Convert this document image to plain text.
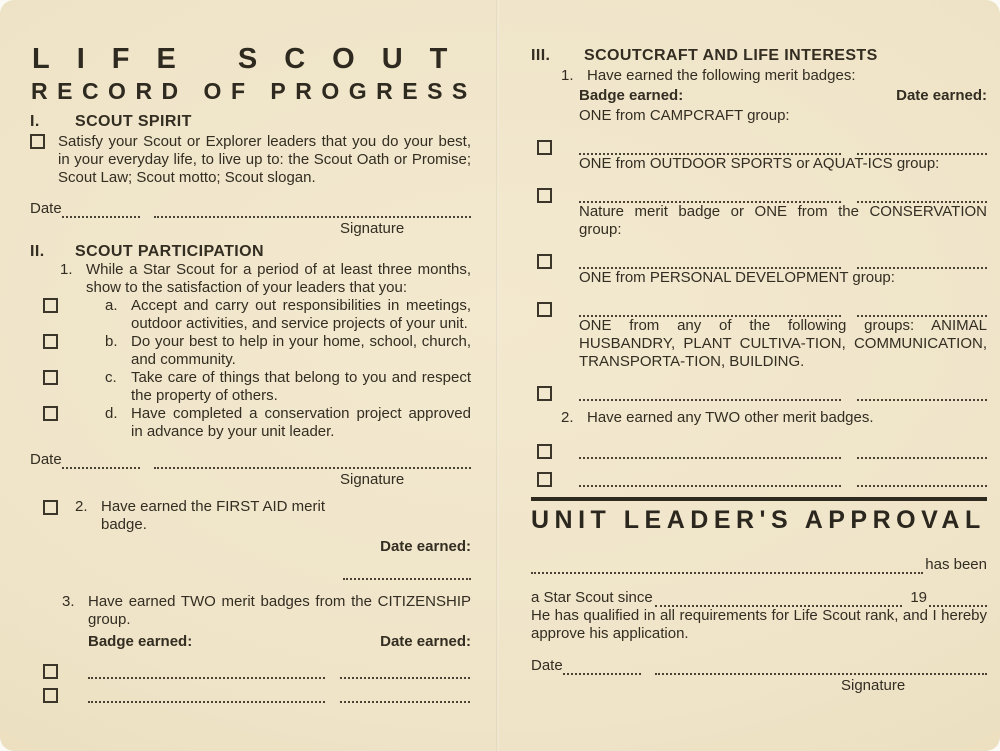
LIFE SCOUT
RECORD OF PROGRESS
I.	SCOUT SPIRIT
Satisfy your Scout or Explorer leaders that you do your best, in your everyday life, to live up to: the Scout Oath or Promise; Scout Law; Scout motto; Scout slogan.
Date
Signature
II.	SCOUT PARTICIPATION
1. While a Star Scout for a period of at least three months, show to the satisfaction of your leaders that you:
a. Accept and carry out responsibilities in meetings, outdoor activities, and service projects of your unit.
b. Do your best to help in your home, school, church, and community.
c. Take care of things that belong to you and respect the property of others.
d. Have completed a conservation project approved in advance by your unit leader.
Date
Signature
2. Have earned the FIRST AID merit badge.
Date earned:
3. Have earned TWO merit badges from the CITIZENSHIP group.
Badge earned:	Date earned:
III.	SCOUTCRAFT AND LIFE INTERESTS
1. Have earned the following merit badges:
Badge earned:	Date earned:
ONE from CAMPCRAFT group:
ONE from OUTDOOR SPORTS or AQUAT-ICS group:
Nature merit badge or ONE from the CONSERVATION group:
ONE from PERSONAL DEVELOPMENT group:
ONE from any of the following groups: ANIMAL HUSBANDRY, PLANT CULTIVA-TION, COMMUNICATION, TRANSPORTA-TION, BUILDING.
2. Have earned any TWO other merit badges.
UNIT LEADER'S APPROVAL
has been
a Star Scout since	19
He has qualified in all requirements for Life Scout rank, and I hereby approve his application.
Date
Signature
